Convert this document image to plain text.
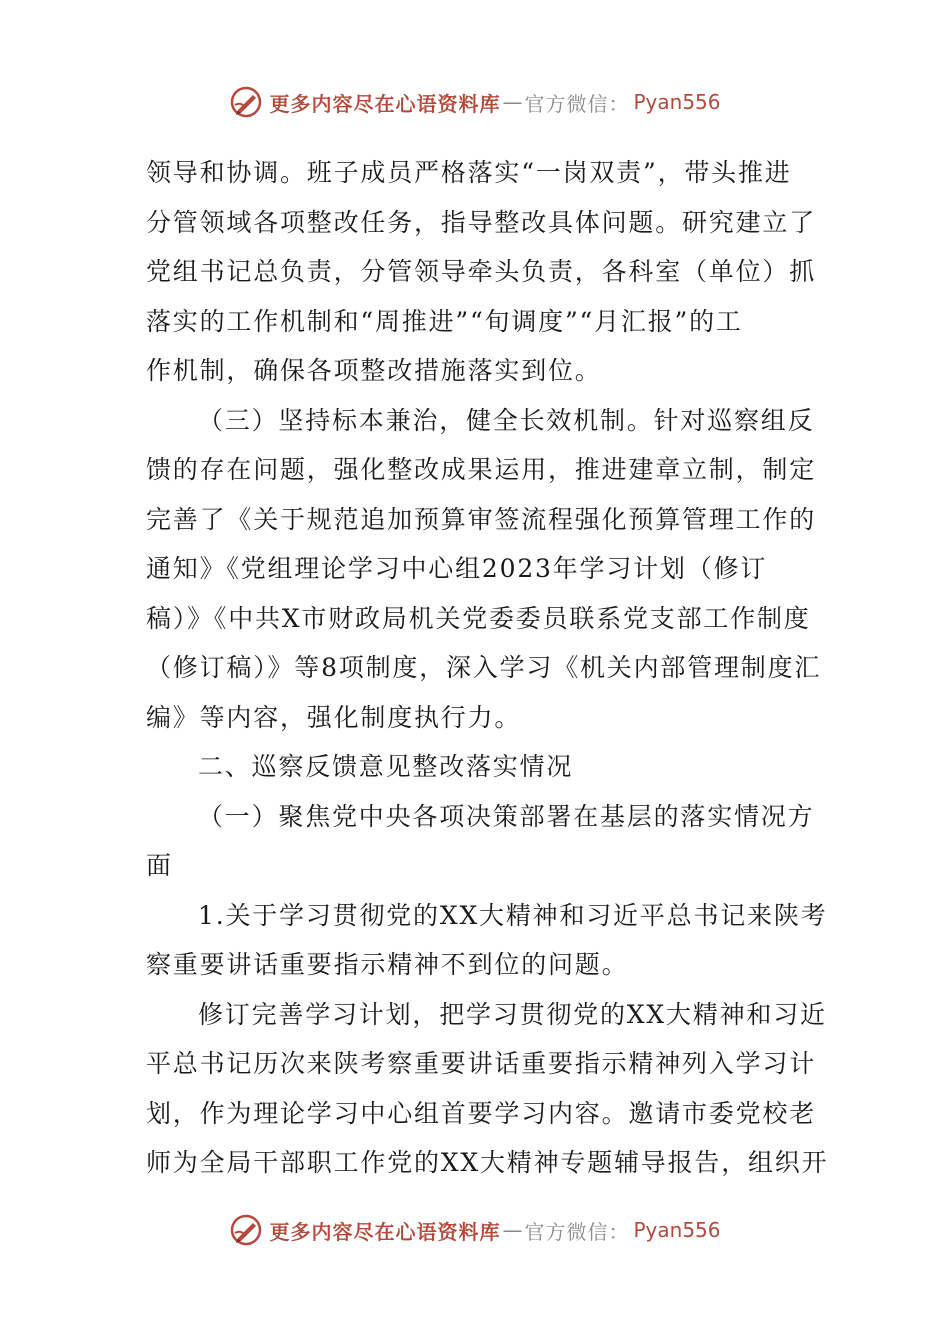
更多内容尽在心语资料库 — 官方微信： Pyan556
领导和协调。班子成员严格落实“一岗双责”，带头推进
分管领域各项整改任务，指导整改具体问题。研究建立了
党组书记总负责，分管领导牵头负责，各科室（单位）抓
落实的工作机制和“周推进”“旬调度”“月汇报”的工
作机制，确保各项整改措施落实到位。
（三）坚持标本兼治，健全长效机制。针对巡察组反
馈的存在问题，强化整改成果运用，推进建章立制，制定
完善了《关于规范追加预算审签流程强化预算管理工作的
通知》《党组理论学习中心组2023年学习计划（修订
稿）》《中共X市财政局机关党委委员联系党支部工作制度
（修订稿）》等8项制度，深入学习《机关内部管理制度汇
编》等内容，强化制度执行力。
二、巡察反馈意见整改落实情况
（一）聚焦党中央各项决策部署在基层的落实情况方
面
1.关于学习贯彻党的XX大精神和习近平总书记来陕考
察重要讲话重要指示精神不到位的问题。
修订完善学习计划，把学习贯彻党的XX大精神和习近
平总书记历次来陕考察重要讲话重要指示精神列入学习计
划，作为理论学习中心组首要学习内容。邀请市委党校老
师为全局干部职工作党的XX大精神专题辅导报告，组织开
更多内容尽在心语资料库 — 官方微信： Pyan556
